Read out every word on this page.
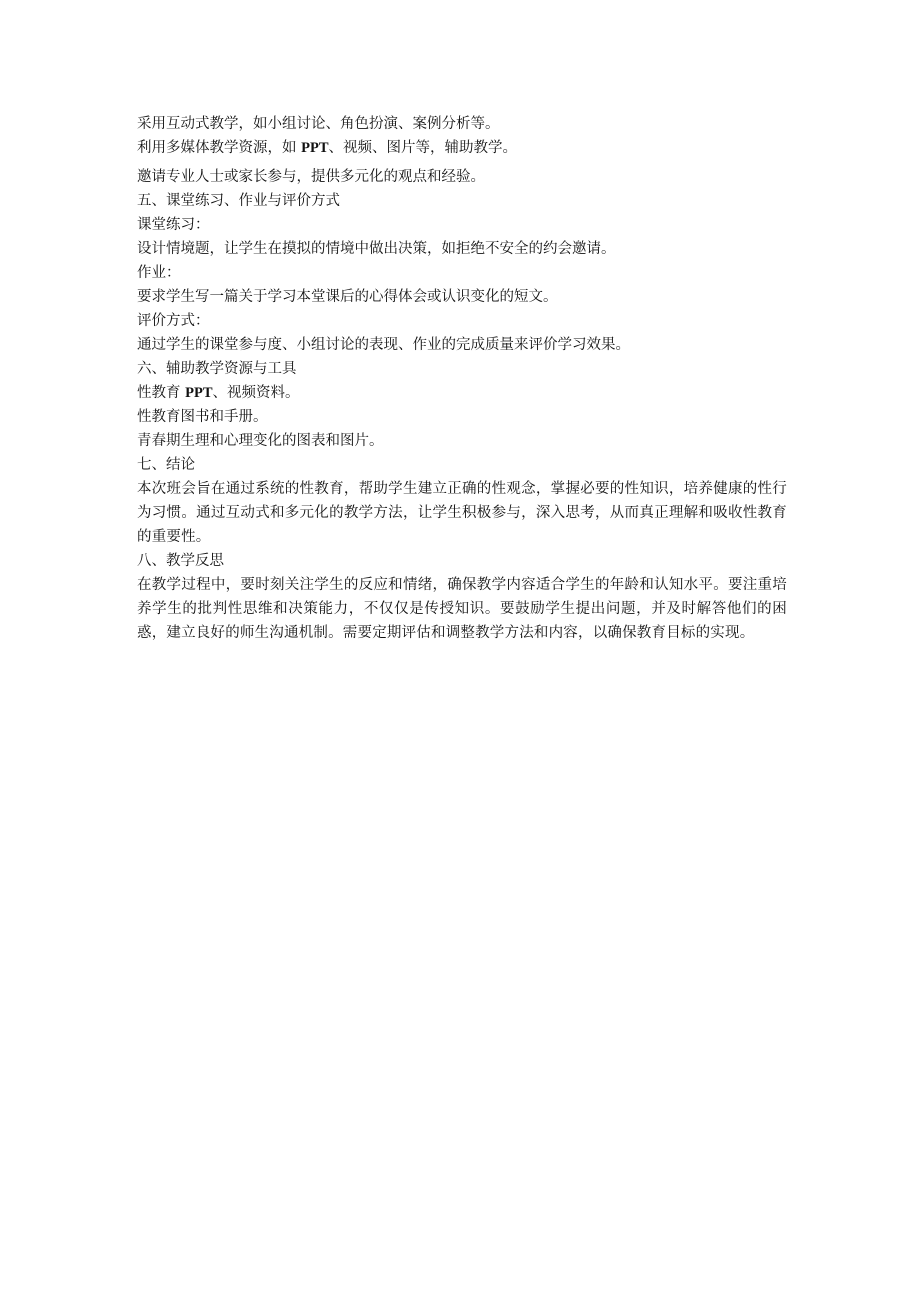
采用互动式教学，如小组讨论、角色扮演、案例分析等。
利用多媒体教学资源，如 PPT、视频、图片等，辅助教学。
邀请专业人士或家长参与，提供多元化的观点和经验。
五、课堂练习、作业与评价方式
课堂练习：
设计情境题，让学生在摸拟的情境中做出决策，如拒绝不安全的约会邀请。
作业：
要求学生写一篇关于学习本堂课后的心得体会或认识变化的短文。
评价方式：
通过学生的课堂参与度、小组讨论的表现、作业的完成质量来评价学习效果。
六、辅助教学资源与工具
性教育 PPT、视频资料。
性教育图书和手册。
青春期生理和心理变化的图表和图片。
七、结论
本次班会旨在通过系统的性教育，帮助学生建立正确的性观念，掌握必要的性知识，培养健康的性行为习惯。通过互动式和多元化的教学方法，让学生积极参与，深入思考，从而真正理解和吸收性教育的重要性。
八、教学反思
在教学过程中，要时刻关注学生的反应和情绪，确保教学内容适合学生的年龄和认知水平。要注重培养学生的批判性思维和决策能力，不仅仅是传授知识。要鼓励学生提出问题，并及时解答他们的困惑，建立良好的师生沟通机制。需要定期评估和调整教学方法和内容，以确保教育目标的实现。
